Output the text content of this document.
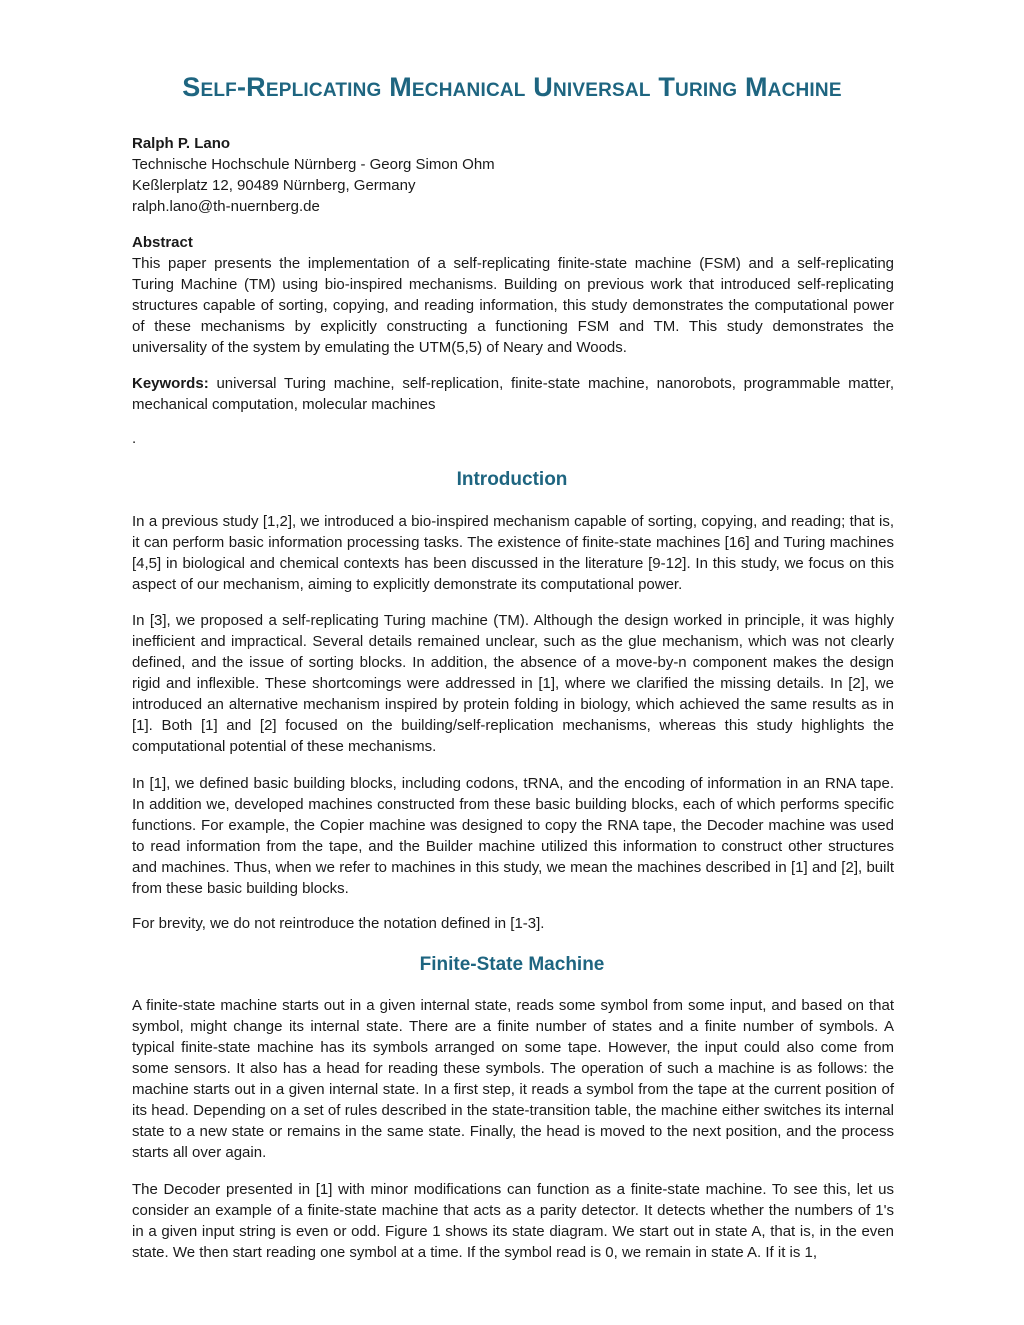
Self-Replicating Mechanical Universal Turing Machine
Ralph P. Lano
Technische Hochschule Nürnberg - Georg Simon Ohm
Keßlerplatz 12, 90489 Nürnberg, Germany
ralph.lano@th-nuernberg.de
Abstract

This paper presents the implementation of a self-replicating finite-state machine (FSM) and a self-replicating Turing Machine (TM) using bio-inspired mechanisms. Building on previous work that introduced self-replicating structures capable of sorting, copying, and reading information, this study demonstrates the computational power of these mechanisms by explicitly constructing a functioning FSM and TM. This study demonstrates the universality of the system by emulating the UTM(5,5) of Neary and Woods.

Keywords: universal Turing machine, self-replication, finite-state machine, nanorobots, programmable matter, mechanical computation, molecular machines

.
Introduction

In a previous study [1,2], we introduced a bio-inspired mechanism capable of sorting, copying, and reading; that is, it can perform basic information processing tasks. The existence of finite-state machines [16] and Turing machines [4,5] in biological and chemical contexts has been discussed in the literature [9-12]. In this study, we focus on this aspect of our mechanism, aiming to explicitly demonstrate its computational power.

In [3], we proposed a self-replicating Turing machine (TM). Although the design worked in principle, it was highly inefficient and impractical. Several details remained unclear, such as the glue mechanism, which was not clearly defined, and the issue of sorting blocks. In addition, the absence of a move-by-n component makes the design rigid and inflexible. These shortcomings were addressed in [1], where we clarified the missing details. In [2], we introduced an alternative mechanism inspired by protein folding in biology, which achieved the same results as in [1]. Both [1] and [2] focused on the building/self-replication mechanisms, whereas this study highlights the computational potential of these mechanisms.

In [1], we defined basic building blocks, including codons, tRNA, and the encoding of information in an RNA tape. In addition we, developed machines constructed from these basic building blocks, each of which performs specific functions. For example, the Copier machine was designed to copy the RNA tape, the Decoder machine was used to read information from the tape, and the Builder machine utilized this information to construct other structures and machines. Thus, when we refer to machines in this study, we mean the machines described in [1] and [2], built from these basic building blocks.

For brevity, we do not reintroduce the notation defined in [1-3].

Finite-State Machine

A finite-state machine starts out in a given internal state, reads some symbol from some input, and based on that symbol, might change its internal state. There are a finite number of states and a finite number of symbols. A typical finite-state machine has its symbols arranged on some tape. However, the input could also come from some sensors. It also has a head for reading these symbols. The operation of such a machine is as follows: the machine starts out in a given internal state. In a first step, it reads a symbol from the tape at the current position of its head. Depending on a set of rules described in the state-transition table, the machine either switches its internal state to a new state or remains in the same state. Finally, the head is moved to the next position, and the process starts all over again.

The Decoder presented in [1] with minor modifications can function as a finite-state machine. To see this, let us consider an example of a finite-state machine that acts as a parity detector. It detects whether the numbers of 1's in a given input string is even or odd. Figure 1 shows its state diagram. We start out in state A, that is, in the even state. We then start reading one symbol at a time. If the symbol read is 0, we remain in state A. If it is 1,
